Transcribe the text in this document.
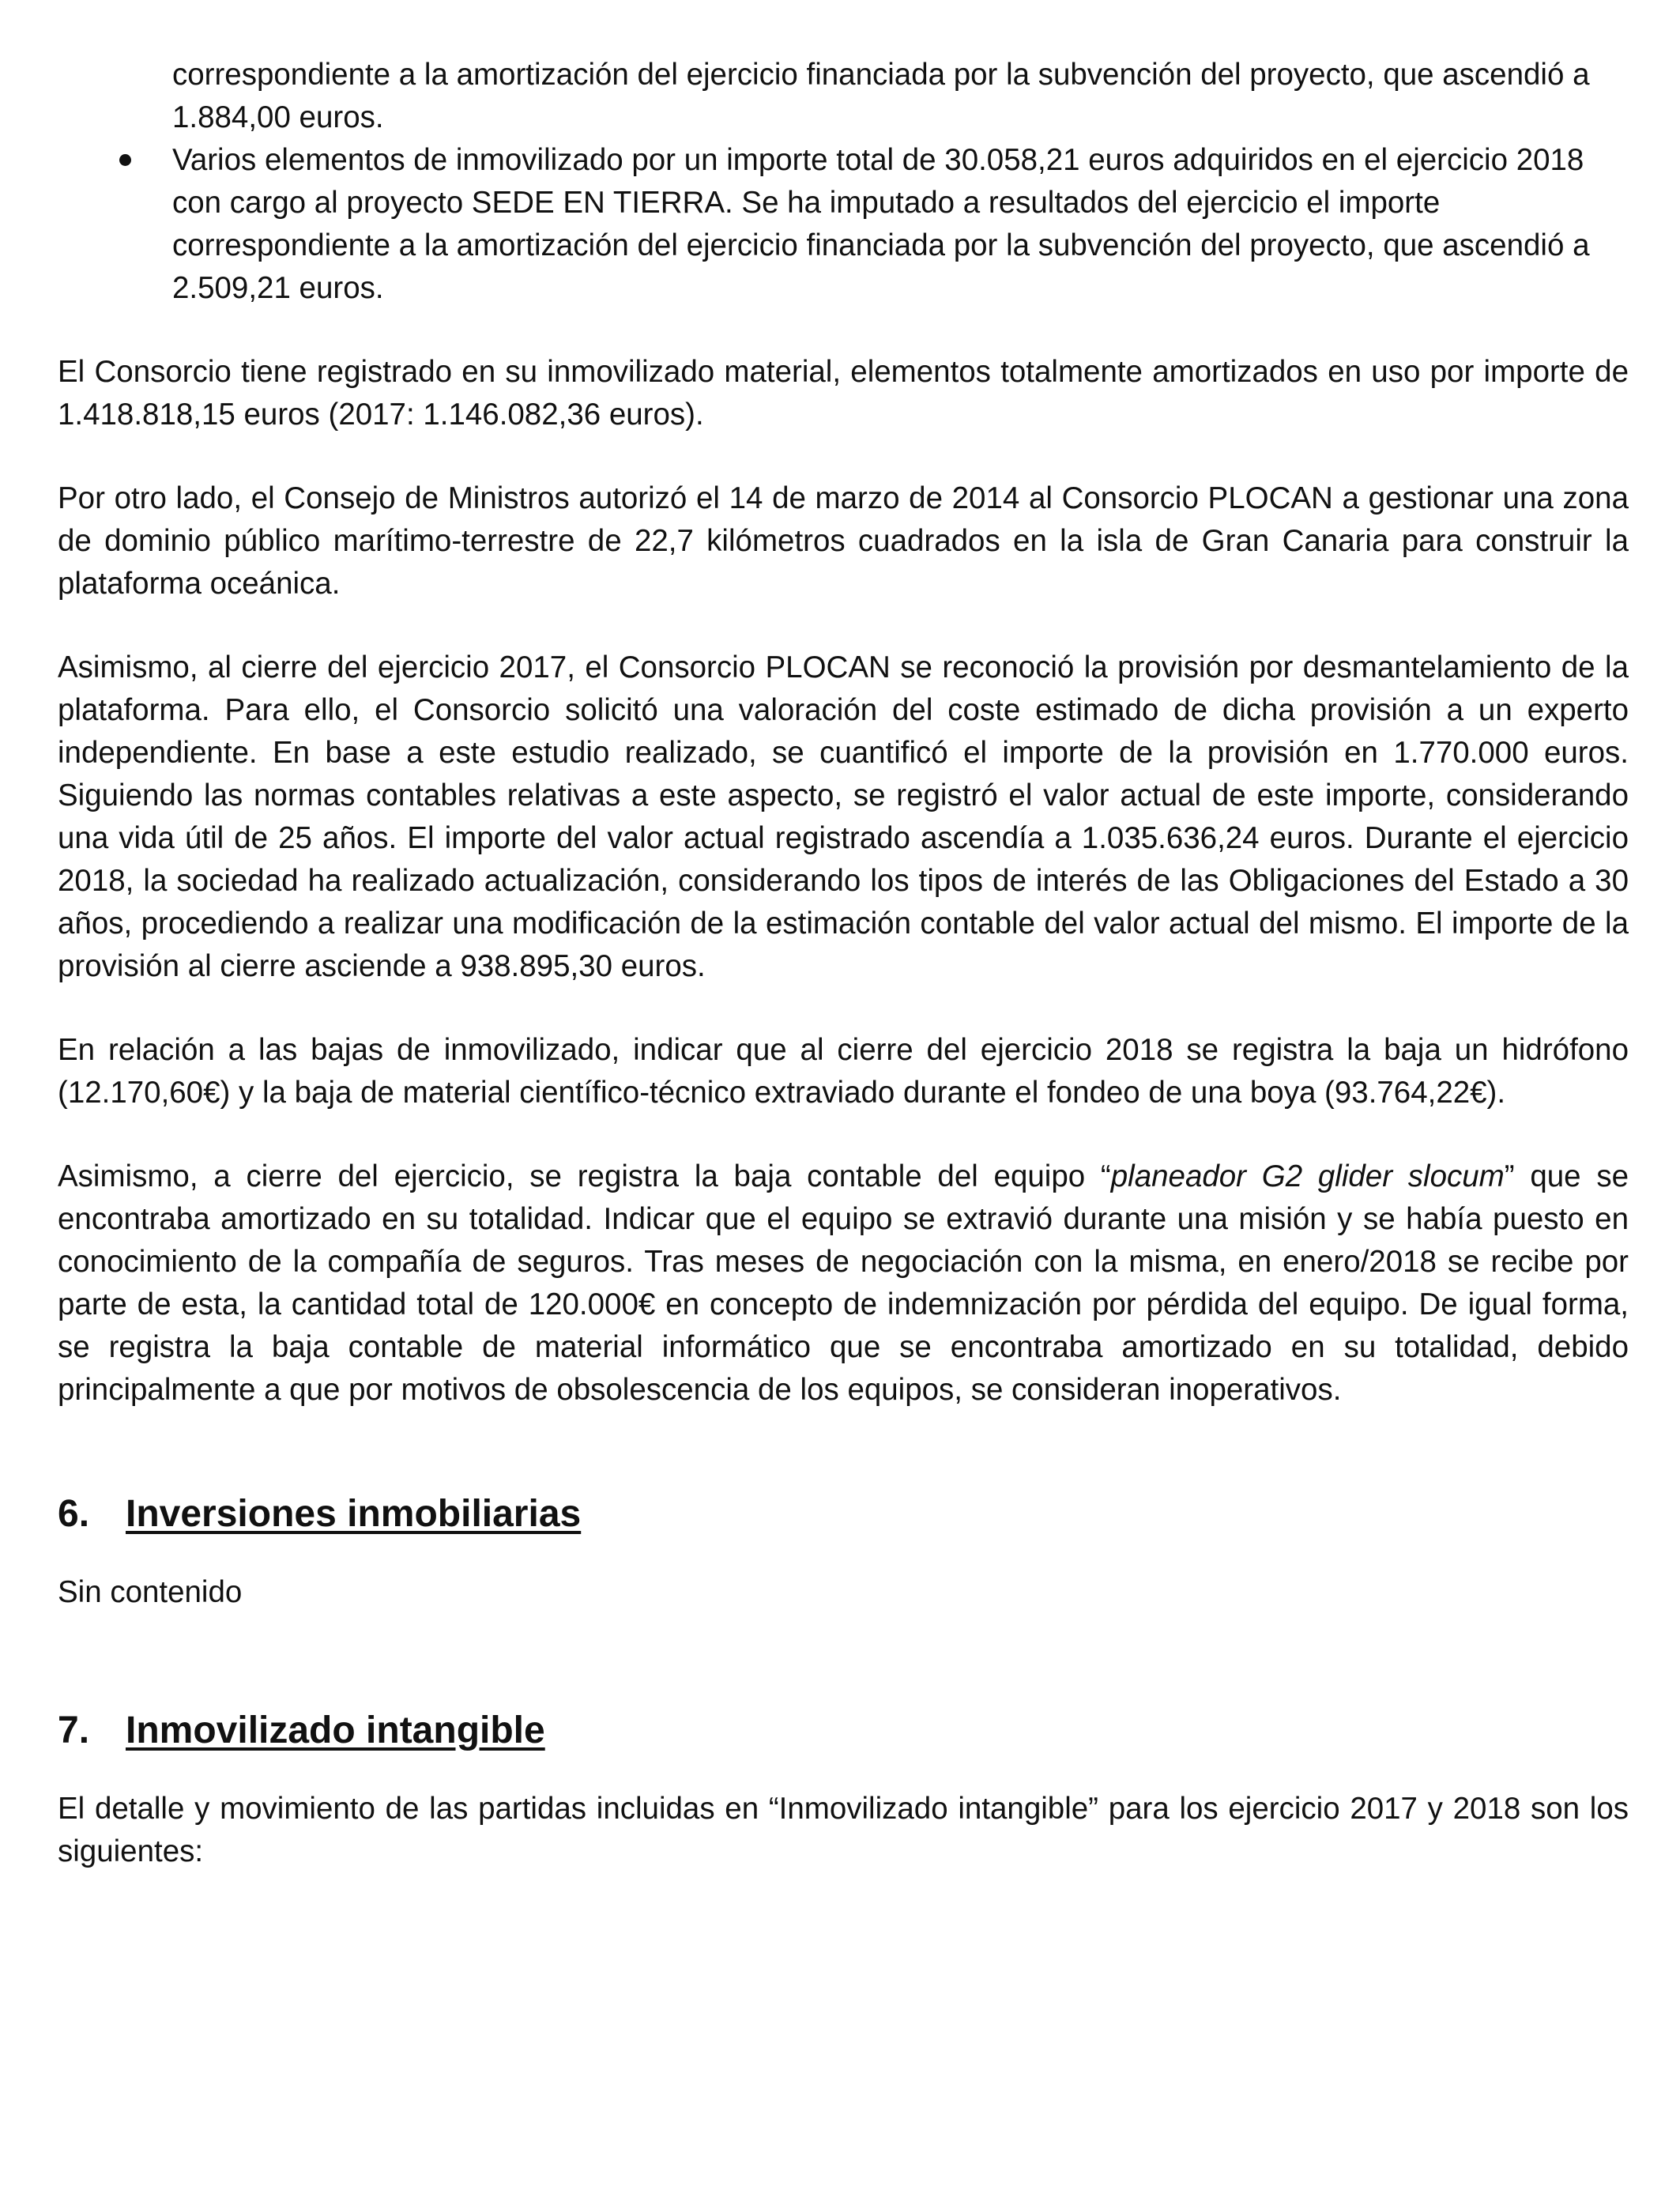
correspondiente a la amortización del ejercicio financiada por la subvención del proyecto, que ascendió a 1.884,00 euros.
Varios elementos de inmovilizado por un importe total de 30.058,21 euros adquiridos en el ejercicio 2018 con cargo al proyecto SEDE EN TIERRA. Se ha imputado a resultados del ejercicio el importe correspondiente a la amortización del ejercicio financiada por la subvención del proyecto, que ascendió a 2.509,21 euros.

El Consorcio tiene registrado en su inmovilizado material, elementos totalmente amortizados en uso por importe de 1.418.818,15 euros (2017: 1.146.082,36 euros).

Por otro lado, el Consejo de Ministros autorizó el 14 de marzo de 2014 al Consorcio PLOCAN a gestionar una zona de dominio público marítimo-terrestre de 22,7 kilómetros cuadrados en la isla de Gran Canaria para construir la plataforma oceánica.

Asimismo, al cierre del ejercicio 2017, el Consorcio PLOCAN se reconoció la provisión por desmantelamiento de la plataforma. Para ello, el Consorcio solicitó una valoración del coste estimado de dicha provisión a un experto independiente. En base a este estudio realizado, se cuantificó el importe de la provisión en 1.770.000 euros. Siguiendo las normas contables relativas a este aspecto, se registró el valor actual de este importe, considerando una vida útil de 25 años. El importe del valor actual registrado ascendía a 1.035.636,24 euros. Durante el ejercicio 2018, la sociedad ha realizado actualización, considerando los tipos de interés de las Obligaciones del Estado a 30 años, procediendo a realizar una modificación de la estimación contable del valor actual del mismo. El importe de la provisión al cierre asciende a 938.895,30 euros.

En relación a las bajas de inmovilizado, indicar que al cierre del ejercicio 2018 se registra la baja un hidrófono (12.170,60€) y la baja de material científico-técnico extraviado durante el fondeo de una boya (93.764,22€).

Asimismo, a cierre del ejercicio, se registra la baja contable del equipo “planeador G2 glider slocum” que se encontraba amortizado en su totalidad. Indicar que el equipo se extravió durante una misión y se había puesto en conocimiento de la compañía de seguros. Tras meses de negociación con la misma, en enero/2018 se recibe por parte de esta, la cantidad total de 120.000€ en concepto de indemnización por pérdida del equipo. De igual forma, se registra la baja contable de material informático que se encontraba amortizado en su totalidad, debido principalmente a que por motivos de obsolescencia de los equipos, se consideran inoperativos.

6. Inversiones inmobiliarias

Sin contenido

7. Inmovilizado intangible

El detalle y movimiento de las partidas incluidas en “Inmovilizado intangible” para los ejercicio 2017 y 2018 son los siguientes:
